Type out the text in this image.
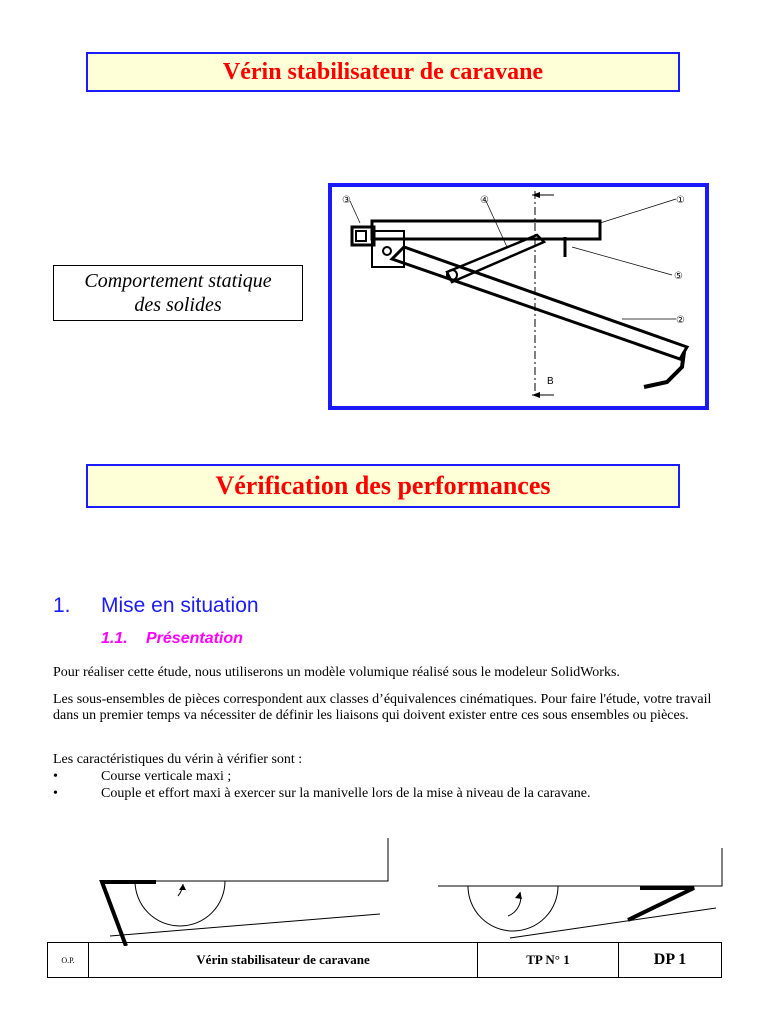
Vérin stabilisateur de caravane
Comportement statique
des solides
B
①
②
③	④
⑤
Vérification des performances
1. Mise en situation
1.1. Présentation
Pour réaliser cette étude, nous utiliserons un modèle volumique réalisé sous le modeleur SolidWorks.
Les sous-ensembles de pièces correspondent aux classes d’équivalences cinématiques. Pour faire l'étude, votre travail dans un premier temps va nécessiter de définir les liaisons qui doivent exister entre ces sous ensembles ou pièces.
Les caractéristiques du vérin à vérifier sont :
•	Course verticale maxi ;
•	Couple et effort maxi à exercer sur la manivelle lors de la mise à niveau de la caravane.
O.P.	Vérin stabilisateur de caravane	TP N° 1	DP 1
